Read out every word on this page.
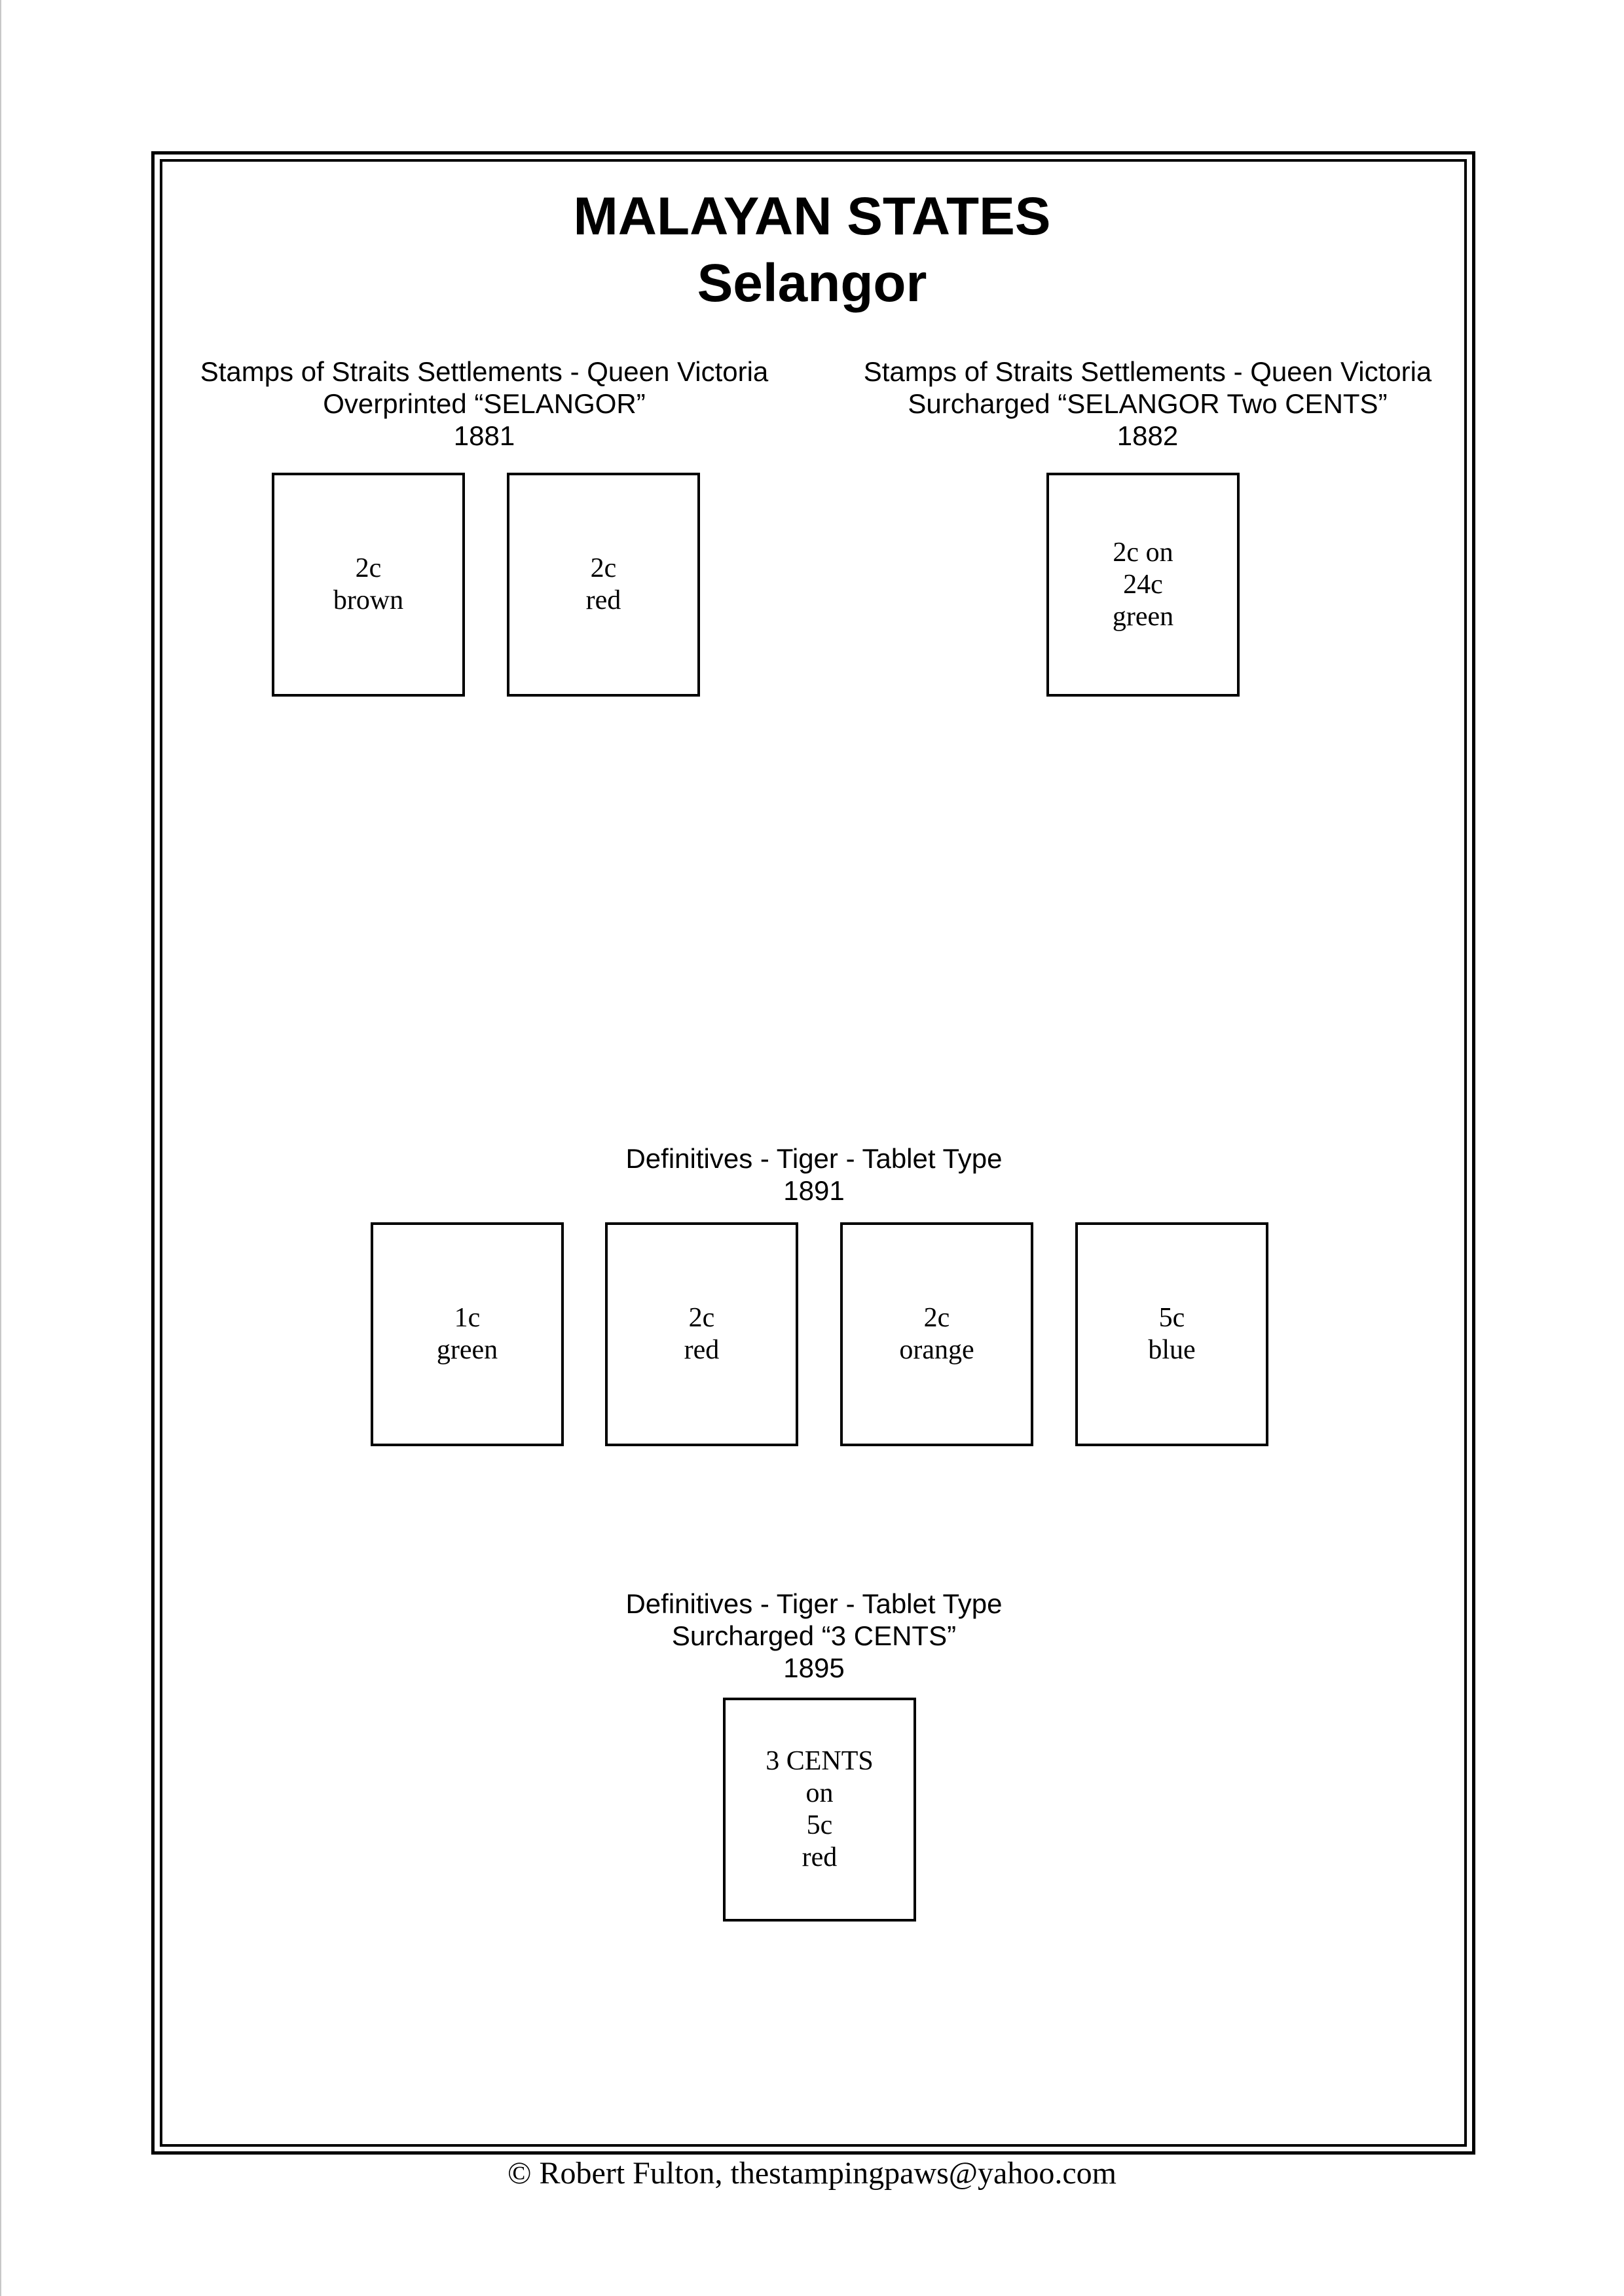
MALAYAN STATES
Selangor
Stamps of Straits Settlements - Queen Victoria
Overprinted “SELANGOR”
1881
2c
brown
2c
red
Stamps of Straits Settlements - Queen Victoria
Surcharged “SELANGOR Two CENTS”
1882
2c on
24c
green
Definitives - Tiger - Tablet Type
1891
1c
green
2c
red
2c
orange
5c
blue
Definitives - Tiger - Tablet Type
Surcharged “3 CENTS”
1895
3 CENTS
on
5c
red
© Robert Fulton, thestampingpaws@yahoo.com
